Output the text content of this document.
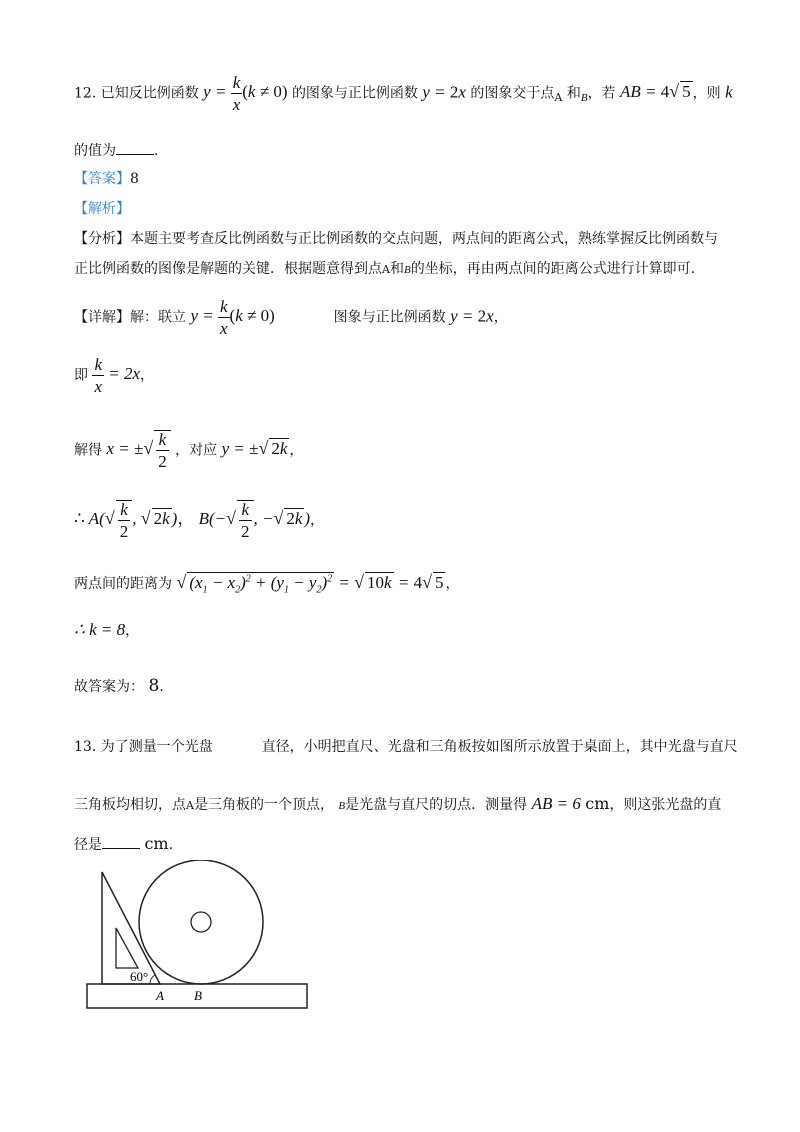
12. 已知反比例函数 $y = \frac{k}{x} (k \ne 0)$ 的图象与正比例函数 y = 2x 的图象交于点$_A$ 和$_B$，若 AB = 4√ 5 ，则 k
的值为	.
【答案】8
【解析】
【分析】本题主要考查反比例函数与正比例函数的交点问题，两点间的距离公式，熟练掌握反比例函数与
正比例函数的图像是解题的关键．根据题意得到点A和B的坐标，再由两点间的距离公式进行计算即可.
【详解】解：联立 $y = \frac{k}{x} (k \ne 0)$	图象与正比例函数 y = 2x，
即 $\frac{k}{x} = 2x$，
解得 x = ±√ $\frac{k}{2}$ ，对应 y = ±√ 2k ，
∴ $A(√ \frac{k}{2}$ , √ 2k )， $B(-√ \frac{k}{2}$ , −√ 2k )，
两点间的距离为 √ $(x_1 - x_2)^2 + (y_1 - y_2)^2$ = √ 10k = 4√ 5 ，
∴ k = 8，
故答案为： 8.
13. 为了测量一个光盘	直径，小明把直尺、光盘和三角板按如图所示放置于桌面上，其中光盘与直尺
三角板均相切，点A是三角板的一个顶点， B是光盘与直尺的切点．测量得 AB = 6 cm，则这张光盘的直
径是	cm.
60°
A B
